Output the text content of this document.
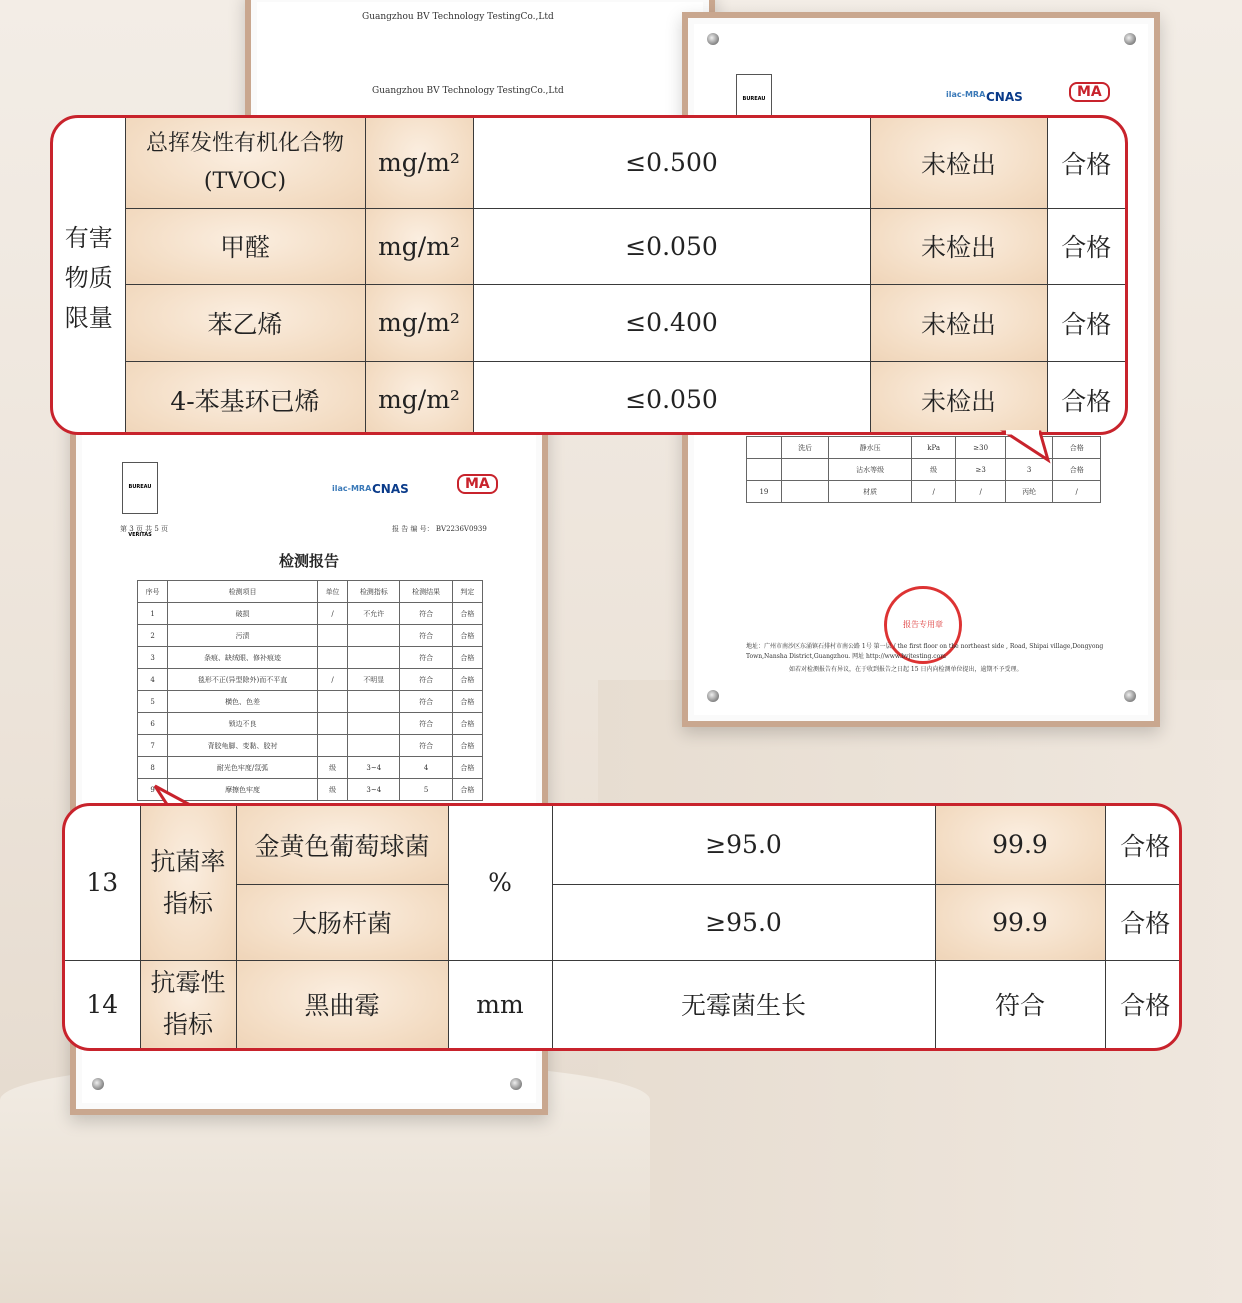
Guangzhou BV Technology TestingCo.,Ltd
Guangzhou BV Technology TestingCo.,Ltd
BUREAU	ilac-MRA CNAS	MA
	洗后	静水压	kPa	≥30		合格
		沾水等级	级	≥3	3	合格
19		材质	/	/	丙纶	/
报告专用章
地址：广州市南沙区东涌镇石排村市南公路 1号 第一层 / the first floor on the northeast side , Road, Shipai village,Dongyong Town,Nansha District,Guangzhou. 网址 http://www.bvjtesting.com
如若对检测报告有异议，在于收到报告之日起 15 日内向检测单位提出，逾期不予受理。
BUREAU VERITAS
ilac-MRA CNAS	MA
第 3 页 共 5 页	报 告 编 号： BV2236V0939
检测报告
序号	检测项目	单位	检测指标	检测结果	判定
1	破损	/	不允许	符合	合格
2	污渍			符合	合格
3	条痕、缺绒眼、修补痕迹			符合	合格
4	毯形不正(异型除外)而不平直	/	不明显	符合	合格
5	横色、色差			符合	合格
6	锁边不良			符合	合格
7	背胶龟脚、变黏、胶衬			符合	合格
8	耐光色牢度/氙弧	级	3~4	4	合格
9	摩擦色牢度	级	3~4	5	合格
有害物质限量	总挥发性有机化合物(TVOC)	mg/m²	≤0.500	未检出	合格
	甲醛	mg/m²	≤0.050	未检出	合格
	苯乙烯	mg/m²	≤0.400	未检出	合格
	4-苯基环已烯	mg/m²	≤0.050	未检出	合格
13	抗菌率指标	金黄色葡萄球菌	%	≥95.0	99.9	合格
		大肠杆菌		≥95.0	99.9	合格
14	抗霉性指标	黑曲霉	mm	无霉菌生长	符合	合格
